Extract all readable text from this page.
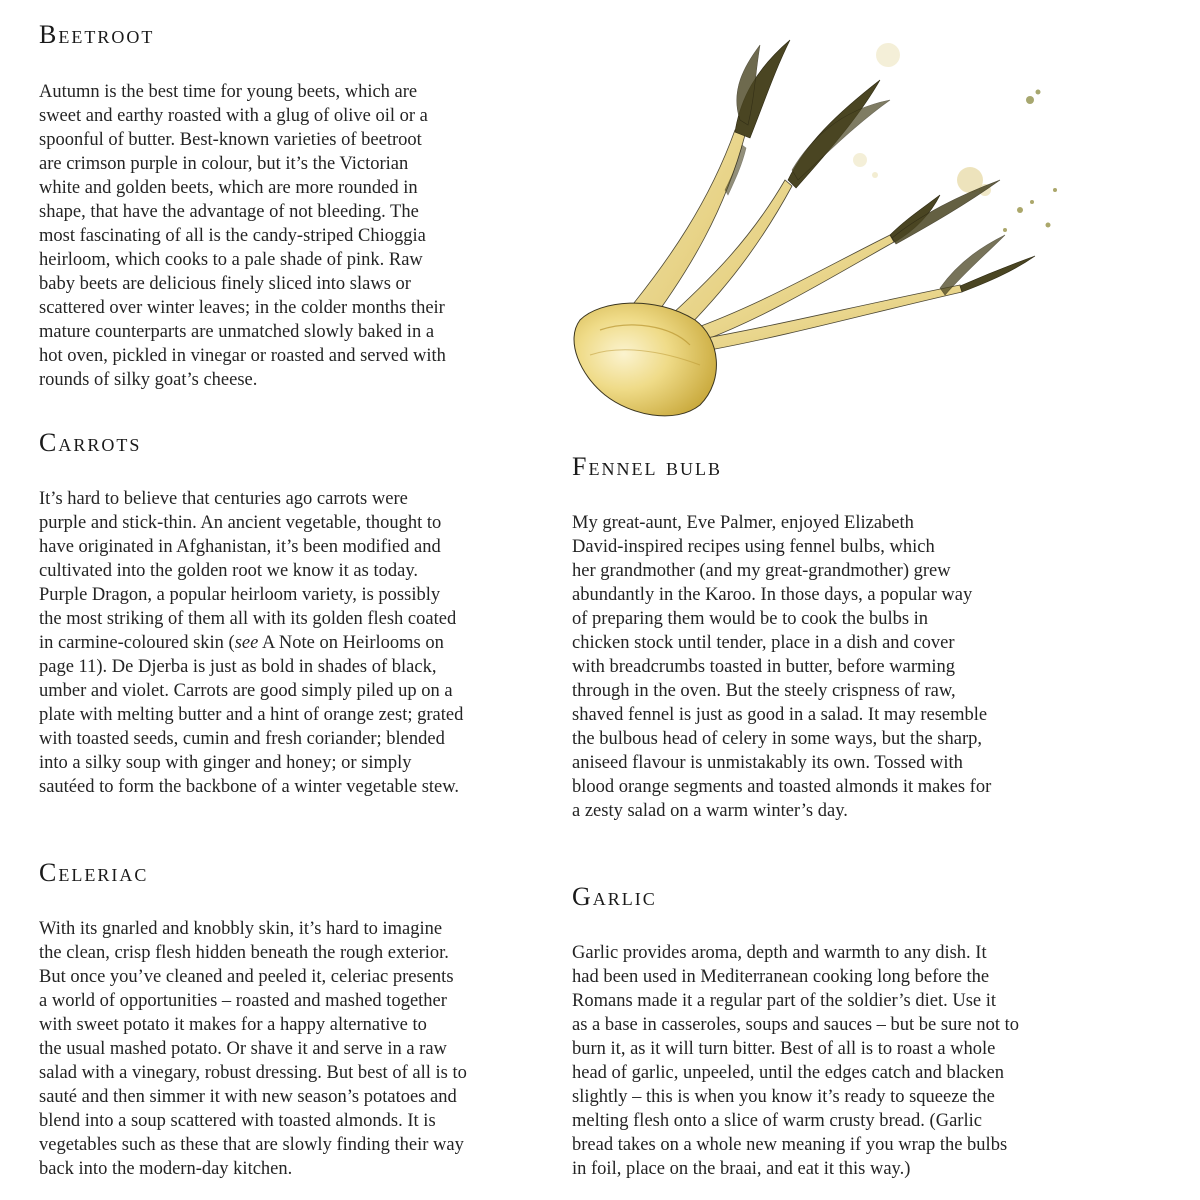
Beetroot

Autumn is the best time for young beets, which are
sweet and earthy roasted with a glug of olive oil or a
spoonful of butter. Best-known varieties of beetroot
are crimson purple in colour, but it’s the Victorian
white and golden beets, which are more rounded in
shape, that have the advantage of not bleeding. The
most fascinating of all is the candy-striped Chioggia
heirloom, which cooks to a pale shade of pink. Raw
baby beets are delicious finely sliced into slaws or
scattered over winter leaves; in the colder months their
mature counterparts are unmatched slowly baked in a
hot oven, pickled in vinegar or roasted and served with
rounds of silky goat’s cheese.

Carrots

It’s hard to believe that centuries ago carrots were
purple and stick-thin. An ancient vegetable, thought to
have originated in Afghanistan, it’s been modified and
cultivated into the golden root we know it as today.
Purple Dragon, a popular heirloom variety, is possibly
the most striking of them all with its golden flesh coated
in carmine-coloured skin (see A Note on Heirlooms on
page 11). De Djerba is just as bold in shades of black,
umber and violet. Carrots are good simply piled up on a
plate with melting butter and a hint of orange zest; grated
with toasted seeds, cumin and fresh coriander; blended
into a silky soup with ginger and honey; or simply
sautéed to form the backbone of a winter vegetable stew.

Celeriac

With its gnarled and knobbly skin, it’s hard to imagine
the clean, crisp flesh hidden beneath the rough exterior.
But once you’ve cleaned and peeled it, celeriac presents
a world of opportunities – roasted and mashed together
with sweet potato it makes for a happy alternative to
the usual mashed potato. Or shave it and serve in a raw
salad with a vinegary, robust dressing. But best of all is to
sauté and then simmer it with new season’s potatoes and
blend into a soup scattered with toasted almonds. It is
vegetables such as these that are slowly finding their way
back into the modern-day kitchen.

Fennel bulb

My great-aunt, Eve Palmer, enjoyed Elizabeth
David-inspired recipes using fennel bulbs, which
her grandmother (and my great-grandmother) grew
abundantly in the Karoo. In those days, a popular way
of preparing them would be to cook the bulbs in
chicken stock until tender, place in a dish and cover
with breadcrumbs toasted in butter, before warming
through in the oven. But the steely crispness of raw,
shaved fennel is just as good in a salad. It may resemble
the bulbous head of celery in some ways, but the sharp,
aniseed flavour is unmistakably its own. Tossed with
blood orange segments and toasted almonds it makes for
a zesty salad on a warm winter’s day.

Garlic

Garlic provides aroma, depth and warmth to any dish. It
had been used in Mediterranean cooking long before the
Romans made it a regular part of the soldier’s diet. Use it
as a base in casseroles, soups and sauces – but be sure not to
burn it, as it will turn bitter. Best of all is to roast a whole
head of garlic, unpeeled, until the edges catch and blacken
slightly – this is when you know it’s ready to squeeze the
melting flesh onto a slice of warm crusty bread. (Garlic
bread takes on a whole new meaning if you wrap the bulbs
in foil, place on the braai, and eat it this way.)
